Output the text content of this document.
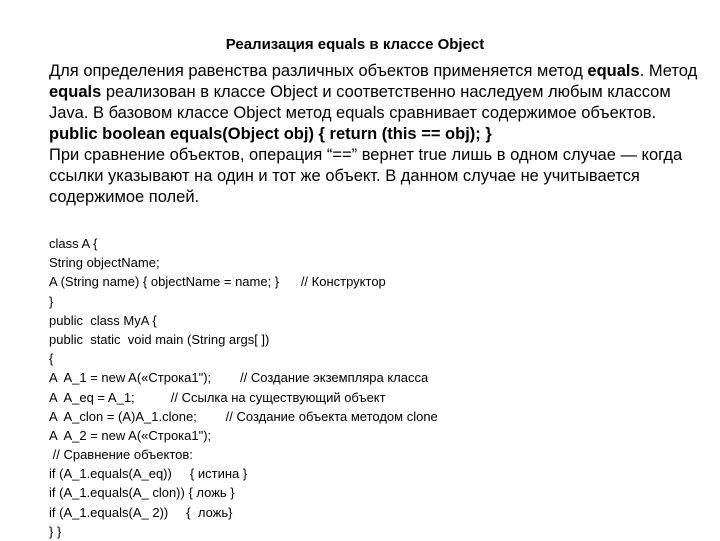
Реализация equals в классе Object

Для определения равенства различных объектов применяется метод equals. Метод equals реализован в классе Object и соответственно наследуем любым классом Java. В базовом классе Object метод equals сравнивает содержимое объектов.

public boolean equals(Object obj) { return (this == obj); }

При сравнение объектов, операция “==” вернет true лишь в одном случае — когда ссылки указывают на один и тот же объект. В данном случае не учитывается содержимое полей.

class A {
String objectName;
A (String name) { objectName = name; }      // Конструктор
}
public  class MyA {
public  static  void main (String args[ ])
{
A  A_1 = new A(«Строка1");        // Создание экземпляра класса
A  A_eq = A_1;          // Ссылка на существующий объект
A  A_clon = (A)A_1.clone;        // Создание объекта методом clone
A  A_2 = new A(«Строка1");
// Сравнение объектов:
if (A_1.equals(A_eq))     { истина }
if (A_1.equals(A_ clon)) { ложь }
if (A_1.equals(A_ 2))     {  ложь}
} }
